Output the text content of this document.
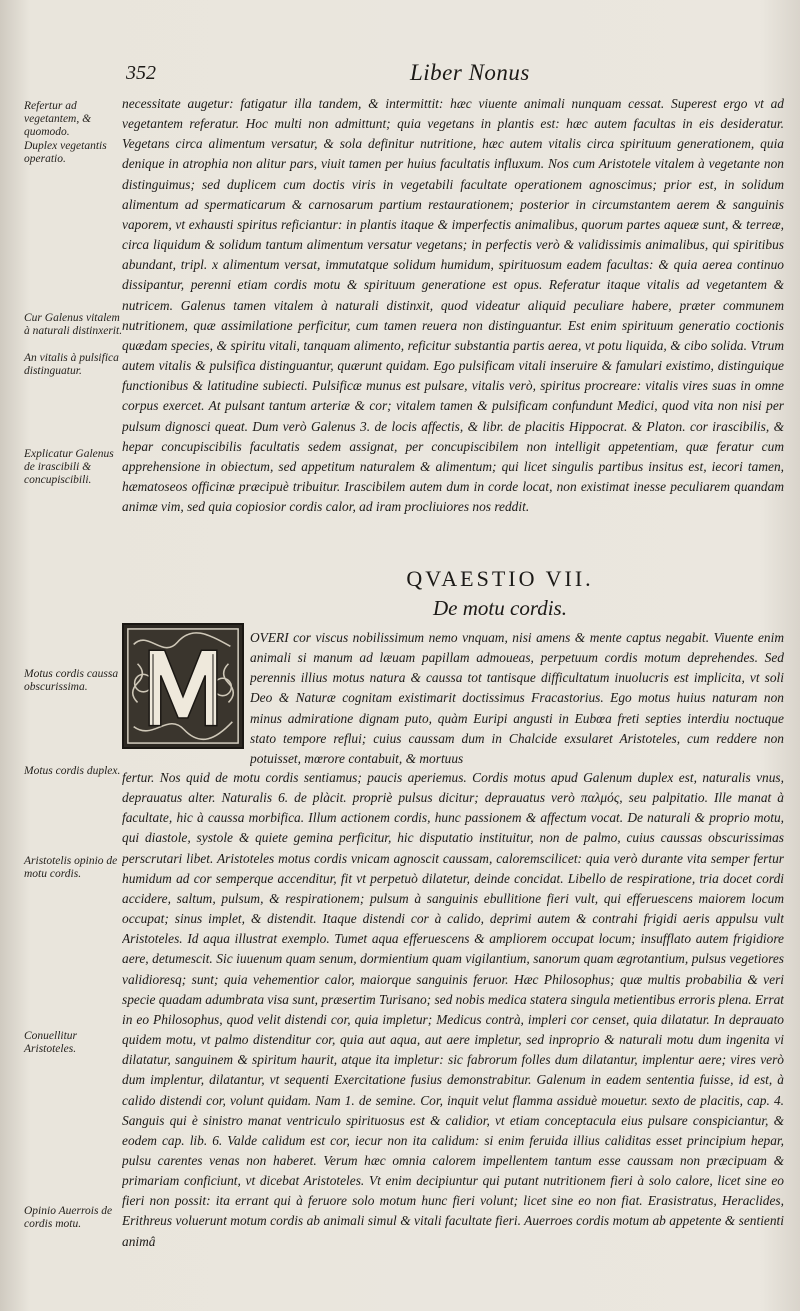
352	Liber Nonus
Refertur ad vegetantem, & quomodo.
Duplex vegetantis operatio.
Cur Galenus vitalem à naturali distinxerit.
An vitalis à pulsifica distinguatur.
Explicatur Galenus de irascibili & concupiscibili.
Motus cordis caussa obscurissima.
Motus cordis duplex.
Aristotelis opinio de motu cordis.
Conuellitur Aristoteles.
Opinio Auerrois de cordis motu.
necessitate augetur: fatigatur illa tandem, & intermittit: hæc viuente animali nunquam cessat. Superest ergo vt ad vegetantem referatur. Hoc multi non admittunt; quia vegetans in plantis est: hæc autem facultas in eis desideratur. Vegetans circa alimentum versatur, & sola definitur nutritione, hæc autem vitalis circa spirituum generationem, quia denique in atrophia non alitur pars, viuit tamen per huius facultatis influxum. Nos cum Aristotele vitalem à vegetante non distinguimus; sed duplicem cum doctis viris in vegetabili facultate operationem agnoscimus; prior est, in solidum alimentum ad spermaticarum & carnosarum partium restaurationem; posterior in circumstantem aerem & sanguinis vaporem, vt exhausti spiritus reficiantur: in plantis itaque & imperfectis animalibus, quorum partes aqueæ sunt, & terreæ, circa liquidum & solidum tantum alimentum versatur vegetans; in perfectis verò & validissimis animalibus, qui spiritibus abundant, tripl. x alimentum versat, immutatque solidum humidum, spirituosum eadem facultas: & quia aerea continuo dissipantur, perenni etiam cordis motu & spirituum generatione est opus. Referatur itaque vitalis ad vegetantem & nutricem. Galenus tamen vitalem à naturali distinxit, quod videatur aliquid peculiare habere, præter communem nutritionem, quæ assimilatione perficitur, cum tamen reuera non distinguantur. Est enim spirituum generatio coctionis quædam species, & spiritu vitali, tanquam alimento, reficitur substantia partis aerea, vt potu liquida, & cibo solida. Vtrum autem vitalis & pulsifica distinguantur, quærunt quidam. Ego pulsificam vitali inseruire & famulari existimo, distinguique functionibus & latitudine subiecti. Pulsificæ munus est pulsare, vitalis verò, spiritus procreare: vitalis vires suas in omne corpus exercet. At pulsant tantum arteriæ & cor; vitalem tamen & pulsificam confundunt Medici, quod vita non nisi per pulsum dignosci queat. Dum verò Galenus 3. de locis affectis, & libr. de placitis Hippocrat. & Platon. cor irascibilis, & hepar concupiscibilis facultatis sedem assignat, per concupiscibilem non intelligit appetentiam, quæ feratur cum apprehensione in obiectum, sed appetitum naturalem & alimentum; qui licet singulis partibus insitus est, iecori tamen, hæmatoseos officinæ præcipuè tribuitur. Irascibilem autem dum in corde locat, non existimat inesse peculiarem quandam animæ vim, sed quia copiosior cordis calor, ad iram procliuiores nos reddit.
QVAESTIO VII.
De motu cordis.
OVERI cor viscus nobilissimum nemo vnquam, nisi amens & mente captus negabit. Viuente enim animali si manum ad læuam papillam admoueas, perpetuum cordis motum deprehendes. Sed perennis illius motus natura & caussa tot tantisque difficultatum inuolucris est implicita, vt soli Deo & Naturæ cognitam existimarit doctissimus Fracastorius. Ego motus huius naturam non minus admiratione dignam puto, quàm Euripi angusti in Eubœa freti septies interdiu noctuque stato tempore reflui; cuius caussam dum in Chalcide exsularet Aristoteles, cum reddere non potuisset, mœrore contabuit, & mortuus
fertur. Nos quid de motu cordis sentiamus; paucis aperiemus. Cordis motus apud Galenum duplex est, naturalis vnus, deprauatus alter. Naturalis 6. de plàcit. propriè pulsus dicitur; deprauatus verò παλμός, seu palpitatio. Ille manat à facultate, hic à caussa morbifica. Illum actionem cordis, hunc passionem & affectum vocat. De naturali & proprio motu, qui diastole, systole & quiete gemina perficitur, hic disputatio instituitur, non de palmo, cuius caussas obscurissimas perscrutari libet. Aristoteles motus cordis vnicam agnoscit caussam, caloremscilicet: quia verò durante vita semper fertur humidum ad cor semperque accenditur, fit vt perpetuò dilatetur, deinde concidat. Libello de respiratione, tria docet cordi accidere, saltum, pulsum, & respirationem; pulsum à sanguinis ebullitione fieri vult, qui efferuescens maiorem locum occupat; sinus implet, & distendit. Itaque distendi cor à calido, deprimi autem & contrahi frigidi aeris appulsu vult Aristoteles. Id aqua illustrat exemplo. Tumet aqua efferuescens & ampliorem occupat locum; insufflato autem frigidiore aere, detumescit. Sic iuuenum quam senum, dormientium quam vigilantium, sanorum quam ægrotantium, pulsus vegetiores validioresq; sunt; quia vehementior calor, maiorque sanguinis feruor. Hæc Philosophus; quæ multis probabilia & veri specie quadam adumbrata visa sunt, præsertim Turisano; sed nobis medica statera singula metientibus erroris plena. Errat in eo Philosophus, quod velit distendi cor, quia impletur; Medicus contrà, impleri cor censet, quia dilatatur. In deprauato quidem motu, vt palmo distenditur cor, quia aut aqua, aut aere impletur, sed inproprio & naturali motu dum ingenita vi dilatatur, sanguinem & spiritum haurit, atque ita impletur: sic fabrorum folles dum dilatantur, implentur aere; vires verò dum implentur, dilatantur, vt sequenti Exercitatione fusius demonstrabitur. Galenum in eadem sententia fuisse, id est, à calido distendi cor, volunt quidam. Nam 1. de semine. Cor, inquit velut flamma assiduè mouetur. sexto de placitis, cap. 4. Sanguis qui è sinistro manat ventriculo spirituosus est & calidior, vt etiam conceptacula eius pulsare conspiciantur, & eodem cap. lib. 6. Valde calidum est cor, iecur non ita calidum: si enim feruida illius caliditas esset principium hepar, pulsu carentes venas non haberet. Verum hæc omnia calorem impellentem tantum esse caussam non præcipuam & primariam conficiunt, vt dicebat Aristoteles. Vt enim decipiuntur qui putant nutritionem fieri à solo calore, licet sine eo fieri non possit: ita errant qui à feruore solo motum hunc fieri volunt; licet sine eo non fiat. Erasistratus, Heraclides, Erithreus voluerunt motum cordis ab animali simul & vitali facultate fieri. Auerroes cordis motum ab appetente & sentienti animâ
